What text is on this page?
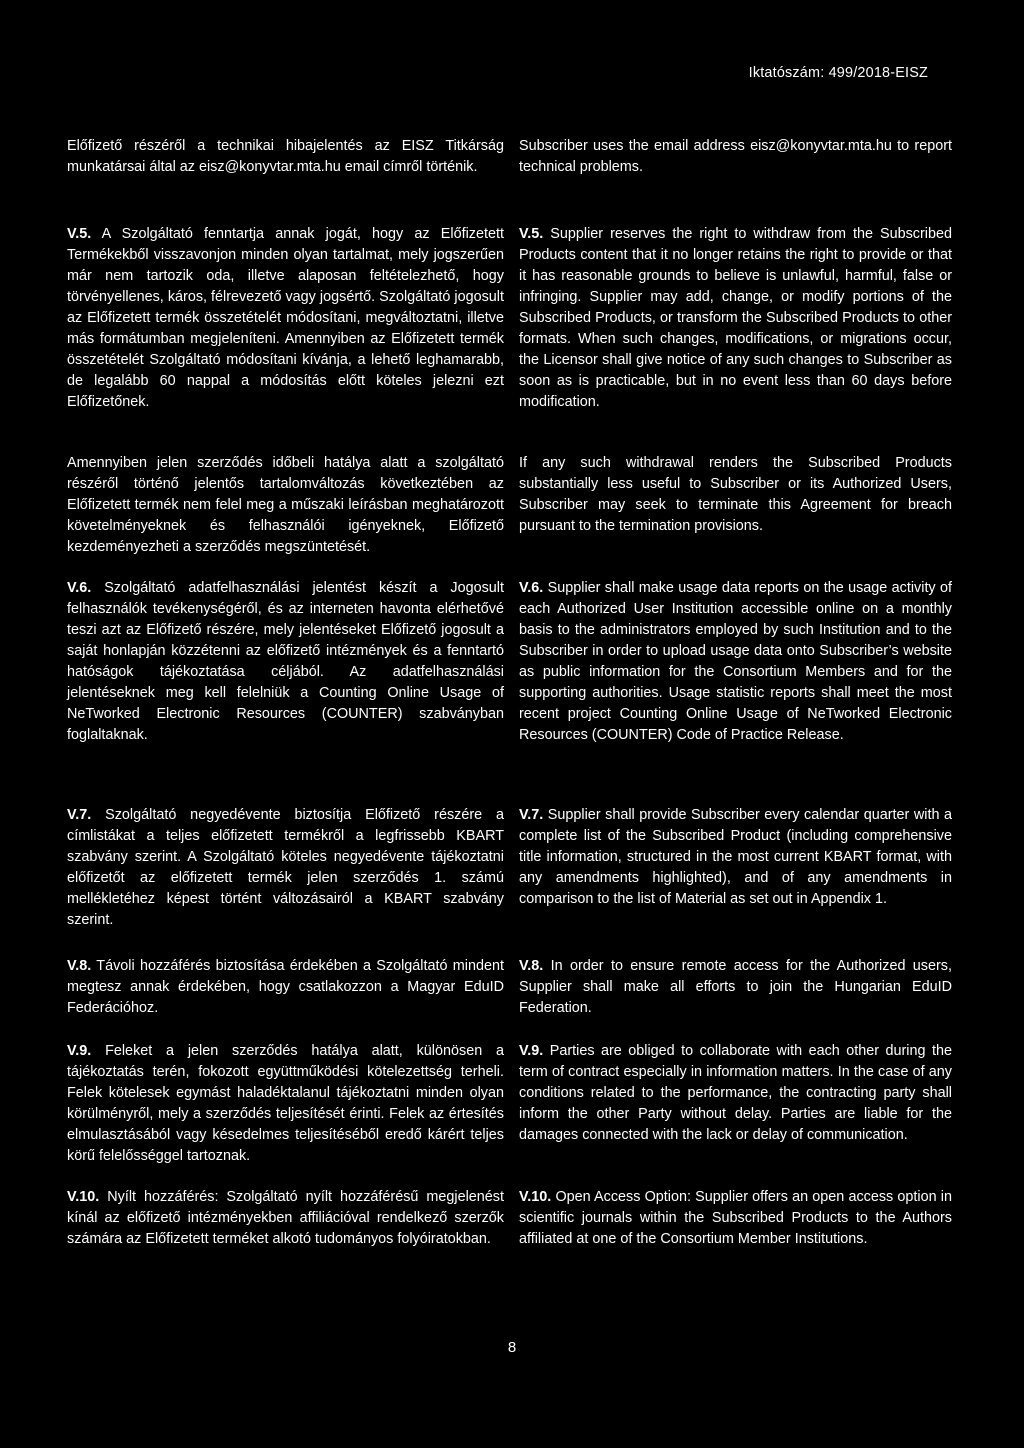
Iktatószám: 499/2018-EISZ

Előfizető részéről a technikai hibajelentés az EISZ Titkárság munkatársai által az eisz@konyvtar.mta.hu email címről történik.

Subscriber uses the email address eisz@konyvtar.mta.hu to report technical problems.

V.5. A Szolgáltató fenntartja annak jogát, hogy az Előfizetett Termékekből visszavonjon minden olyan tartalmat, mely jogszerűen már nem tartozik oda, illetve alaposan feltételezhető, hogy törvényellenes, káros, félrevezető vagy jogsértő. Szolgáltató jogosult az Előfizetett termék összetételét módosítani, megváltoztatni, illetve más formátumban megjeleníteni. Amennyiben az Előfizetett termék összetételét Szolgáltató módosítani kívánja, a lehető leghamarabb, de legalább 60 nappal a módosítás előtt köteles jelezni ezt Előfizetőnek.

V.5. Supplier reserves the right to withdraw from the Subscribed Products content that it no longer retains the right to provide or that it has reasonable grounds to believe is unlawful, harmful, false or infringing. Supplier may add, change, or modify portions of the Subscribed Products, or transform the Subscribed Products to other formats. When such changes, modifications, or migrations occur, the Licensor shall give notice of any such changes to Subscriber as soon as is practicable, but in no event less than 60 days before modification.

Amennyiben jelen szerződés időbeli hatálya alatt a szolgáltató részéről történő jelentős tartalomváltozás következtében az Előfizetett termék nem felel meg a műszaki leírásban meghatározott követelményeknek és felhasználói igényeknek, Előfizető kezdeményezheti a szerződés megszüntetését.

If any such withdrawal renders the Subscribed Products substantially less useful to Subscriber or its Authorized Users, Subscriber may seek to terminate this Agreement for breach pursuant to the termination provisions.

V.6. Szolgáltató adatfelhasználási jelentést készít a Jogosult felhasználók tevékenységéről, és az interneten havonta elérhetővé teszi azt az Előfizető részére, mely jelentéseket Előfizető jogosult a saját honlapján közzétenni az előfizető intézmények és a fenntartó hatóságok tájékoztatása céljából. Az adatfelhasználási jelentéseknek meg kell felelniük a Counting Online Usage of NeTworked Electronic Resources (COUNTER) szabványban foglaltaknak.

V.6. Supplier shall make usage data reports on the usage activity of each Authorized User Institution accessible online on a monthly basis to the administrators employed by such Institution and to the Subscriber in order to upload usage data onto Subscriber’s website as public information for the Consortium Members and for the supporting authorities. Usage statistic reports shall meet the most recent project Counting Online Usage of NeTworked Electronic Resources (COUNTER) Code of Practice Release.

V.7. Szolgáltató negyedévente biztosítja Előfizető részére a címlistákat a teljes előfizetett termékről a legfrissebb KBART szabvány szerint. A Szolgáltató köteles negyedévente tájékoztatni előfizetőt az előfizetett termék jelen szerződés 1. számú mellékletéhez képest történt változásairól a KBART szabvány szerint.

V.7. Supplier shall provide Subscriber every calendar quarter with a complete list of the Subscribed Product (including comprehensive title information, structured in the most current KBART format, with any amendments highlighted), and of any amendments in comparison to the list of Material as set out in Appendix 1.

V.8. Távoli hozzáférés biztosítása érdekében a Szolgáltató mindent megtesz annak érdekében, hogy csatlakozzon a Magyar EduID Federációhoz.

V.8. In order to ensure remote access for the Authorized users, Supplier shall make all efforts to join the Hungarian EduID Federation.

V.9. Feleket a jelen szerződés hatálya alatt, különösen a tájékoztatás terén, fokozott együttműködési kötelezettség terheli. Felek kötelesek egymást haladéktalanul tájékoztatni minden olyan körülményről, mely a szerződés teljesítését érinti. Felek az értesítés elmulasztásából vagy késedelmes teljesítéséből eredő kárért teljes körű felelősséggel tartoznak.

V.9. Parties are obliged to collaborate with each other during the term of contract especially in information matters. In the case of any conditions related to the performance, the contracting party shall inform the other Party without delay. Parties are liable for the damages connected with the lack or delay of communication.

V.10. Nyílt hozzáférés: Szolgáltató nyílt hozzáférésű megjelenést kínál az előfizető intézményekben affiliációval rendelkező szerzők számára az Előfizetett terméket alkotó tudományos folyóiratokban.

V.10. Open Access Option: Supplier offers an open access option in scientific journals within the Subscribed Products to the Authors affiliated at one of the Consortium Member Institutions.

8
